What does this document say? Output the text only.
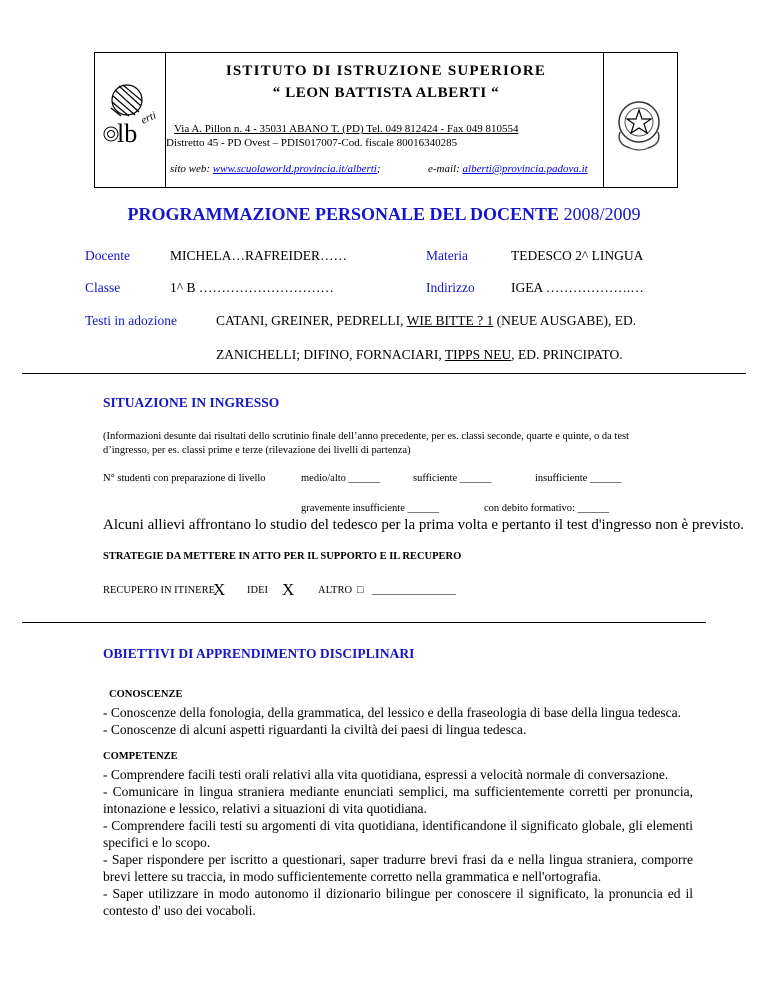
lb
erti
ISTITUTO DI ISTRUZIONE SUPERIORE
“ LEON BATTISTA ALBERTI “
Via A. Pillon n. 4 - 35031 ABANO T. (PD) Tel. 049 812424 - Fax 049 810554
Distretto 45 - PD Ovest – PDIS017007-Cod. fiscale 80016340285
sito web: www.scuolaworld.provincia.it/alberti;	e-mail: alberti@provincia.padova.it
PROGRAMMAZIONE PERSONALE DEL DOCENTE 2008/2009
Docente	MICHELA…RAFREIDER……	Materia	TEDESCO 2^ LINGUA
Classe	1^ B …………………………	Indirizzo	IGEA ……………….…
Testi in adozione	CATANI, GREINER, PEDRELLI, WIE BITTE ? 1 (NEUE AUSGABE), ED.
ZANICHELLI; DIFINO, FORNACIARI, TIPPS NEU, ED. PRINCIPATO.
SITUAZIONE IN INGRESSO
(Informazioni desunte dai risultati dello scrutinio finale dell’anno precedente, per es. classi seconde, quarte e quinte, o da test
d’ingresso, per es. classi prime e terze (rilevazione dei livelli di partenza)
N° studenti con preparazione di livello	medio/alto ______	sufficiente ______	insufficiente ______
gravemente insufficiente ______	con debito formativo: ______
Alcuni allievi affrontano lo studio del tedesco per la prima volta e pertanto il test d'ingresso non è previsto.
STRATEGIE DA METTERE IN ATTO PER IL SUPPORTO E IL RECUPERO
RECUPERO IN ITINERE
X IDEI X ALTRO □ ________________
OBIETTIVI DI APPRENDIMENTO DISCIPLINARI
CONOSCENZE
- Conoscenze della fonologia, della grammatica, del lessico e della fraseologia di base della lingua tedesca.
- Conoscenze di alcuni aspetti riguardanti la civiltà dei paesi di lingua tedesca.
COMPETENZE
- Comprendere facili testi orali relativi alla vita quotidiana, espressi a velocità normale di conversazione.
- Comunicare in lingua straniera mediante enunciati semplici, ma sufficientemente corretti per pronuncia, intonazione e lessico, relativi a situazioni di vita quotidiana.
- Comprendere facili testi su argomenti di vita quotidiana, identificandone il significato globale, gli elementi specifici e lo scopo.
- Saper rispondere per iscritto a questionari, saper tradurre brevi frasi da e nella lingua straniera, comporre brevi lettere su traccia, in modo sufficientemente corretto nella grammatica e nell'ortografia.
- Saper utilizzare in modo autonomo il dizionario bilingue per conoscere il significato, la pronuncia ed il contesto d' uso dei vocaboli.
